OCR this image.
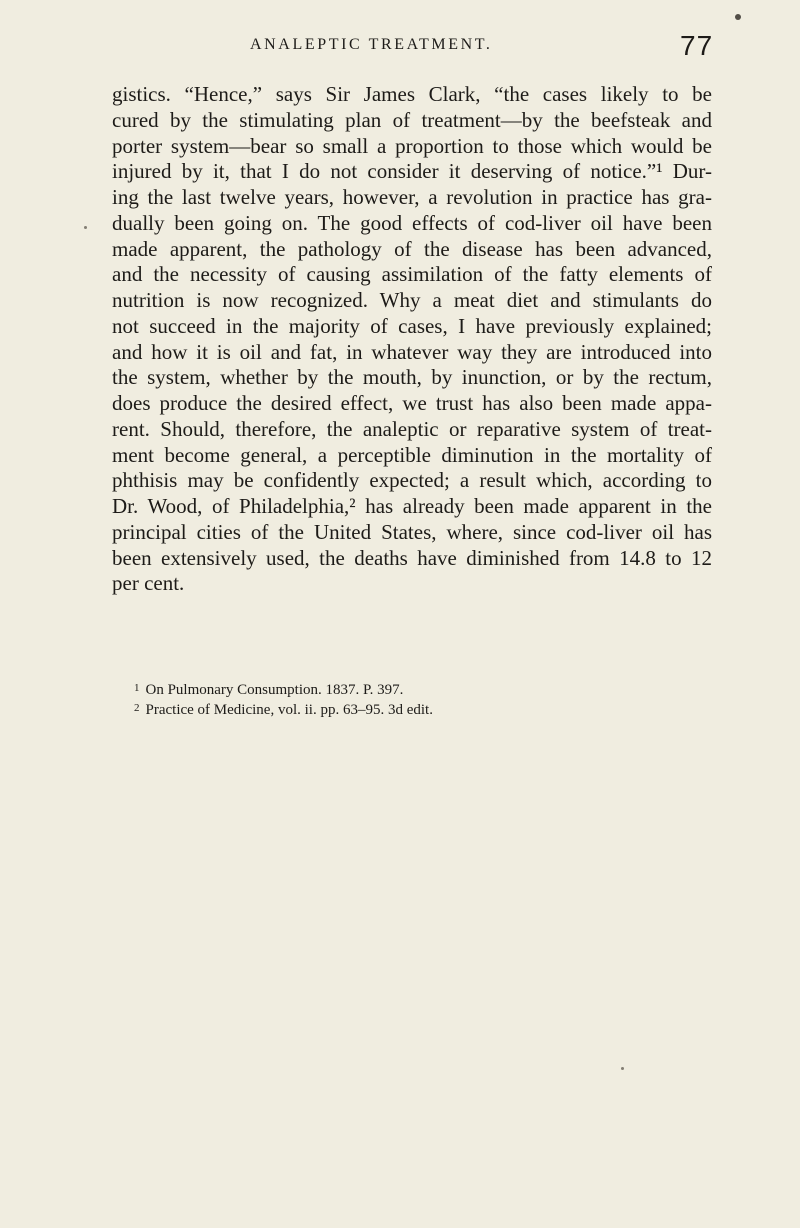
ANALEPTIC TREATMENT.	77
gistics. “Hence,” says Sir James Clark, “the cases likely to be
cured by the stimulating plan of treatment—by the beefsteak and
porter system—bear so small a proportion to those which would be
injured by it, that I do not consider it deserving of notice.”¹ Dur-
ing the last twelve years, however, a revolution in practice has gra-
dually been going on. The good effects of cod-liver oil have been
made apparent, the pathology of the disease has been advanced,
and the necessity of causing assimilation of the fatty elements of
nutrition is now recognized. Why a meat diet and stimulants do
not succeed in the majority of cases, I have previously explained;
and how it is oil and fat, in whatever way they are introduced into
the system, whether by the mouth, by inunction, or by the rectum,
does produce the desired effect, we trust has also been made appa-
rent. Should, therefore, the analeptic or reparative system of treat-
ment become general, a perceptible diminution in the mortality of
phthisis may be confidently expected; a result which, according to
Dr. Wood, of Philadelphia,² has already been made apparent in the
principal cities of the United States, where, since cod-liver oil has
been extensively used, the deaths have diminished from 14.8 to 12
per cent.
$^1$ On Pulmonary Consumption. 1837. P. 397.
$^2$ Practice of Medicine, vol. ii. pp. 63–95. 3d edit.
